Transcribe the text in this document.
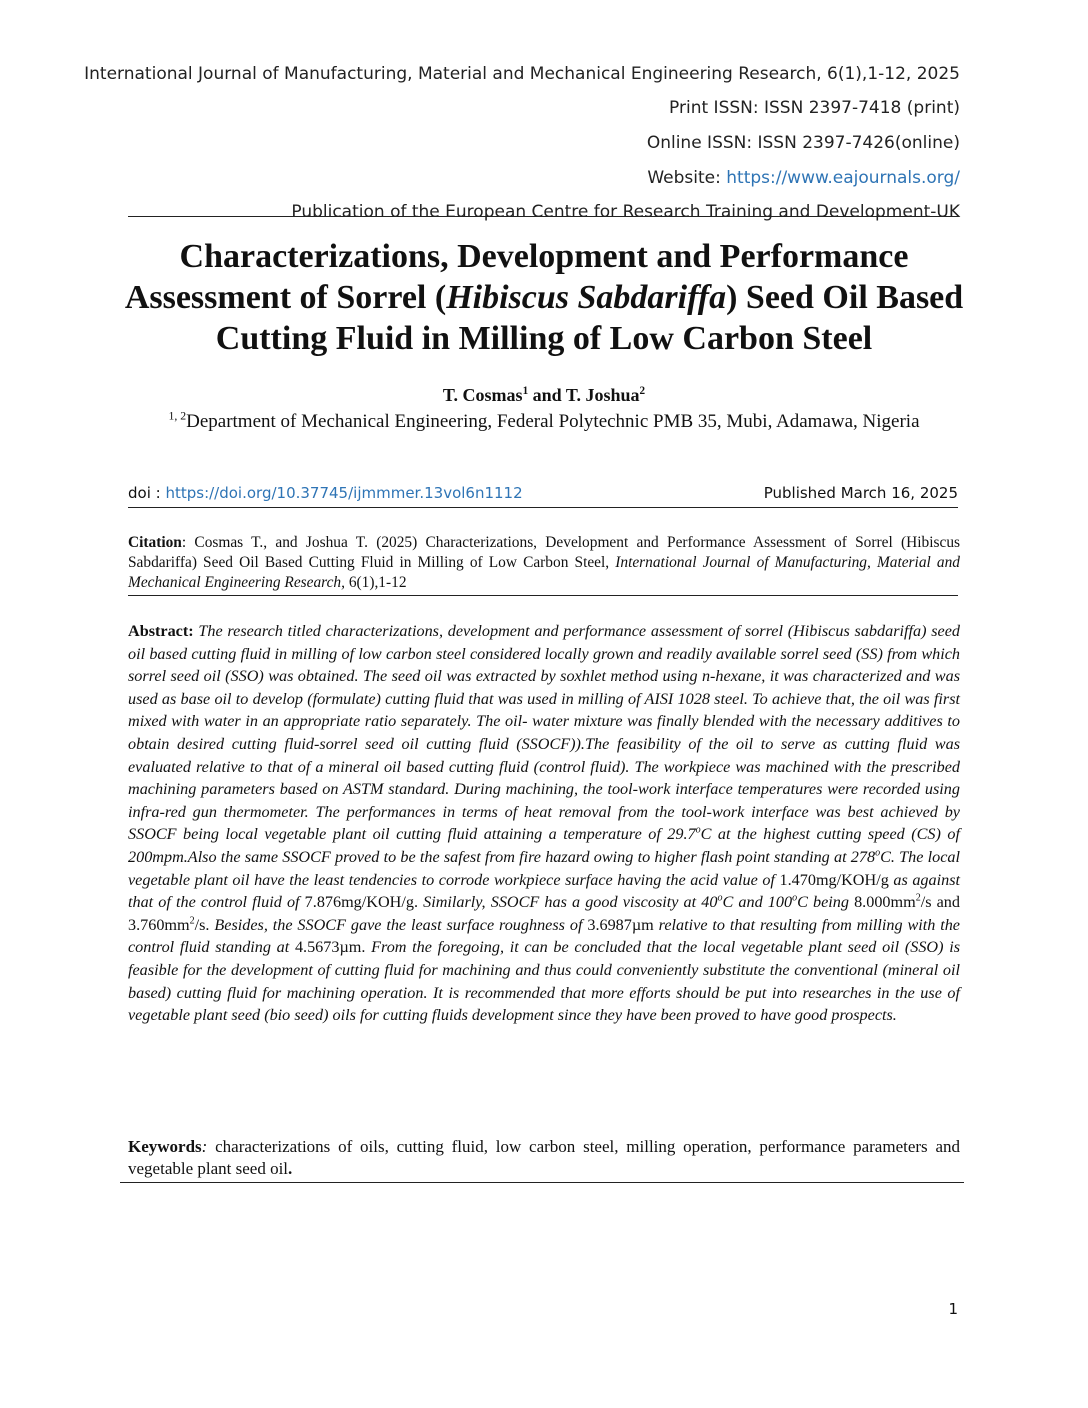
International Journal of Manufacturing, Material and Mechanical Engineering Research, 6(1),1-12, 2025
Print ISSN: ISSN 2397-7418 (print)
Online ISSN: ISSN 2397-7426(online)
Website: https://www.eajournals.org/
Publication of the European Centre for Research Training and Development-UK
Characterizations, Development and Performance Assessment of Sorrel (Hibiscus Sabdariffa) Seed Oil Based Cutting Fluid in Milling of Low Carbon Steel
T. Cosmas$^1$ and T. Joshua$^2$
$^{1, 2}$Department of Mechanical Engineering, Federal Polytechnic PMB 35, Mubi, Adamawa, Nigeria
doi : https://doi.org/10.37745/ijmmmer.13vol6n1112	Published March 16, 2025
Citation: Cosmas T., and Joshua T. (2025) Characterizations, Development and Performance Assessment of Sorrel (Hibiscus Sabdariffa) Seed Oil Based Cutting Fluid in Milling of Low Carbon Steel, International Journal of Manufacturing, Material and Mechanical Engineering Research, 6(1),1-12
Abstract: The research titled characterizations, development and performance assessment of sorrel (Hibiscus sabdariffa) seed oil based cutting fluid in milling of low carbon steel considered locally grown and readily available sorrel seed (SS) from which sorrel seed oil (SSO) was obtained. The seed oil was extracted by soxhlet method using n-hexane, it was characterized and was used as base oil to develop (formulate) cutting fluid that was used in milling of AISI 1028 steel. To achieve that, the oil was first mixed with water in an appropriate ratio separately. The oil- water mixture was finally blended with the necessary additives to obtain desired cutting fluid-sorrel seed oil cutting fluid (SSOCF)).The feasibility of the oil to serve as cutting fluid was evaluated relative to that of a mineral oil based cutting fluid (control fluid). The workpiece was machined with the prescribed machining parameters based on ASTM standard. During machining, the tool-work interface temperatures were recorded using infra-red gun thermometer. The performances in terms of heat removal from the tool-work interface was best achieved by SSOCF being local vegetable plant oil cutting fluid attaining a temperature of 29.7$^o$C at the highest cutting speed (CS) of 200mpm.Also the same SSOCF proved to be the safest from fire hazard owing to higher flash point standing at 278$^o$C. The local vegetable plant oil have the least tendencies to corrode workpiece surface having the acid value of 1.470mg/KOH/g as against that of the control fluid of 7.876mg/KOH/g. Similarly, SSOCF has a good viscosity at 40$^o$C and 100$^o$C being $8.000mm^2/s$ and $3.760mm^2/s$. Besides, the SSOCF gave the least surface roughness of 3.6987µm relative to that resulting from milling with the control fluid standing at 4.5673µm. From the foregoing, it can be concluded that the local vegetable plant seed oil (SSO) is feasible for the development of cutting fluid for machining and thus could conveniently substitute the conventional (mineral oil based) cutting fluid for machining operation. It is recommended that more efforts should be put into researches in the use of vegetable plant seed (bio seed) oils for cutting fluids development since they have been proved to have good prospects.
Keywords: characterizations of oils, cutting fluid, low carbon steel, milling operation, performance parameters and vegetable plant seed oil.
1
